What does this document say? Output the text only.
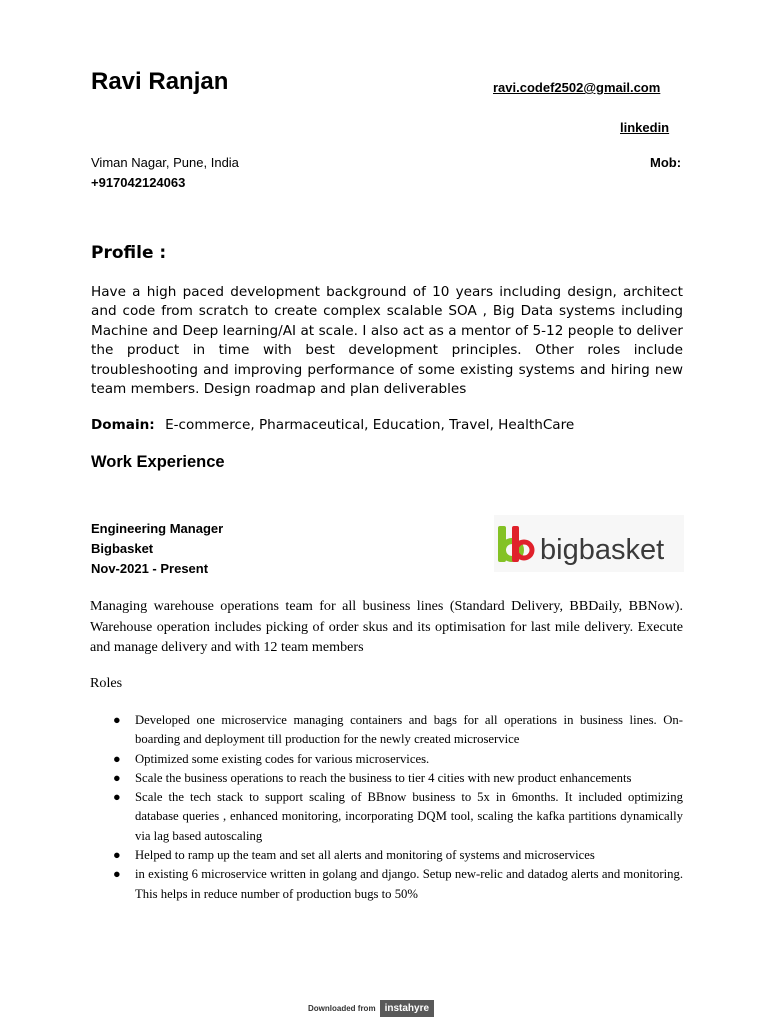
Ravi Ranjan	ravi.codef2502@gmail.com
linkedin
Viman Nagar, Pune, India	Mob:
+917042124063
Profile :

Have a high paced development background of 10 years including design, architect and code from scratch to create complex scalable SOA , Big Data systems including Machine and Deep learning/AI at scale. I also act as a mentor of 5-12 people to deliver the product in time with best development principles. Other roles include troubleshooting and improving performance of some existing systems and hiring new team members. Design roadmap and plan deliverables

Domain: E-commerce, Pharmaceutical, Education, Travel, HealthCare

Work Experience
Engineering Manager
Bigbasket
Nov-2021 - Present
bigbasket

Managing warehouse operations team for all business lines (Standard Delivery, BBDaily, BBNow). Warehouse operation includes picking of order skus and its optimisation for last mile delivery. Execute and manage delivery and with 12 team members

Roles
● Developed one microservice managing containers and bags for all operations in business lines. On-boarding and deployment till production for the newly created microservice
● Optimized some existing codes for various microservices.
● Scale the business operations to reach the business to tier 4 cities with new product enhancements
● Scale the tech stack to support scaling of BBnow business to 5x in 6months. It included optimizing database queries , enhanced monitoring, incorporating DQM tool, scaling the kafka partitions dynamically via lag based autoscaling
● Helped to ramp up the team and set all alerts and monitoring of systems and microservices
● in existing 6 microservice written in golang and django. Setup new-relic and datadog alerts and monitoring. This helps in reduce number of production bugs to 50%
Downloaded from instahyre
